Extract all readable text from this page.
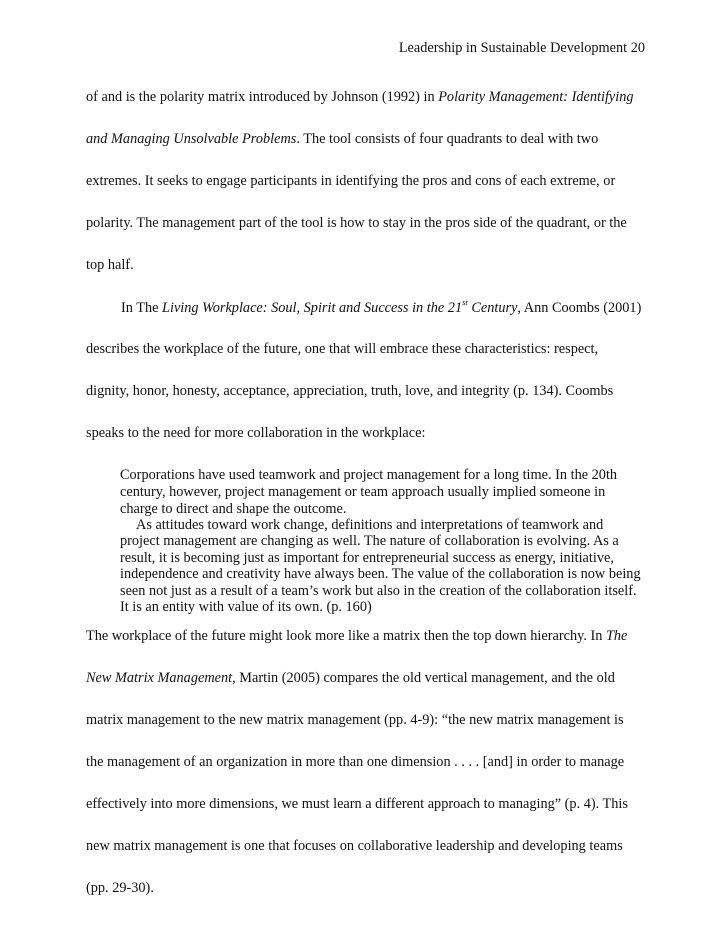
Leadership in Sustainable Development 20
of and is the polarity matrix introduced by Johnson (1992) in Polarity Management: Identifying
and Managing Unsolvable Problems. The tool consists of four quadrants to deal with two
extremes. It seeks to engage participants in identifying the pros and cons of each extreme, or
polarity. The management part of the tool is how to stay in the pros side of the quadrant, or the
top half.
In The Living Workplace: Soul, Spirit and Success in the 21st Century, Ann Coombs (2001)
describes the workplace of the future, one that will embrace these characteristics: respect,
dignity, honor, honesty, acceptance, appreciation, truth, love, and integrity (p. 134). Coombs
speaks to the need for more collaboration in the workplace:
Corporations have used teamwork and project management for a long time. In the 20th
century, however, project management or team approach usually implied someone in
charge to direct and shape the outcome.
As attitudes toward work change, definitions and interpretations of teamwork and
project management are changing as well. The nature of collaboration is evolving. As a
result, it is becoming just as important for entrepreneurial success as energy, initiative,
independence and creativity have always been. The value of the collaboration is now being
seen not just as a result of a team’s work but also in the creation of the collaboration itself.
It is an entity with value of its own. (p. 160)
The workplace of the future might look more like a matrix then the top down hierarchy. In The
New Matrix Management, Martin (2005) compares the old vertical management, and the old
matrix management to the new matrix management (pp. 4-9): “the new matrix management is
the management of an organization in more than one dimension . . . . [and] in order to manage
effectively into more dimensions, we must learn a different approach to managing” (p. 4). This
new matrix management is one that focuses on collaborative leadership and developing teams
(pp. 29-30).
